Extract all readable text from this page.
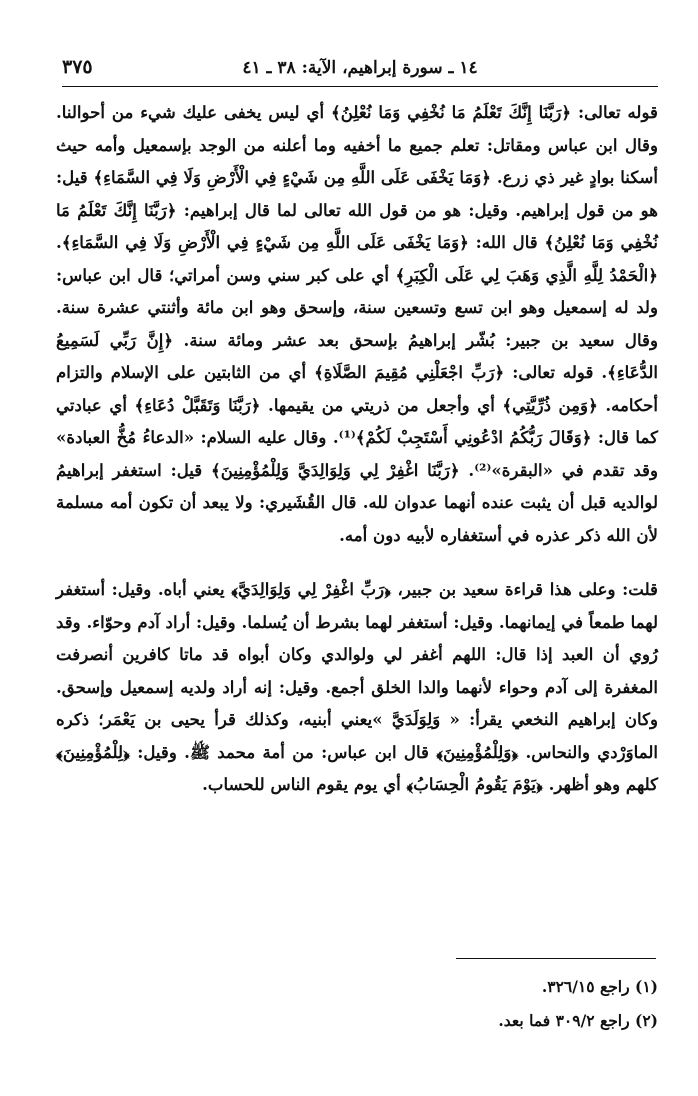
١٤ ـ سورة إبراهيم، الآية: ٣٨ ـ ٤١
٣٧٥

قوله تعالى: ﴿رَبَّنَا إِنَّكَ تَعْلَمُ مَا نُخْفِي وَمَا نُعْلِنُ﴾ أي ليس يخفى عليك شيء من أحوالنا. وقال ابن عباس ومقاتل: تعلم جميع ما أخفيه وما أعلنه من الوجد بإسمعيل وأمه حيث أسكنا بوادٍ غير ذي زرع. ﴿وَمَا يَخْفَى عَلَى اللَّهِ مِن شَيْءٍ فِي الْأَرْضِ وَلَا فِي السَّمَاءِ﴾ قيل: هو من قول إبراهيم. وقيل: هو من قول الله تعالى لما قال إبراهيم: ﴿رَبَّنَا إِنَّكَ تَعْلَمُ مَا نُخْفِي وَمَا نُعْلِنُ﴾ قال الله: ﴿وَمَا يَخْفَى عَلَى اللَّهِ مِن شَيْءٍ فِي الْأَرْضِ وَلَا فِي السَّمَاءِ﴾. ﴿الْحَمْدُ لِلَّهِ الَّذِي وَهَبَ لِي عَلَى الْكِبَرِ﴾ أي على كبر سني وسن أمراتي؛ قال ابن عباس: ولد له إسمعيل وهو ابن تسع وتسعين سنة، وإسحق وهو ابن مائة وأثنتي عشرة سنة. وقال سعيد بن جبير: بُشّر إبراهيمُ بإسحق بعد عشر ومائة سنة. ﴿إِنَّ رَبِّي لَسَمِيعُ الدُّعَاءِ﴾. قوله تعالى: ﴿رَبِّ اجْعَلْنِي مُقِيمَ الصَّلَاةِ﴾ أي من الثابتين على الإسلام والتزام أحكامه. ﴿وَمِن ذُرِّيَّتِي﴾ أي وأجعل من ذريتي من يقيمها. ﴿رَبَّنَا وَتَقَبَّلْ دُعَاءِ﴾ أي عبادتي كما قال: ﴿وَقَالَ رَبُّكُمُ ادْعُونِي أَسْتَجِبْ لَكُمْ﴾⁽¹⁾. وقال عليه السلام: «الدعاءُ مُخُّ العبادة» وقد تقدم في «البقرة»⁽²⁾. ﴿رَبَّنَا اغْفِرْ لِي وَلِوَالِدَيَّ وَلِلْمُؤْمِنِينَ﴾ قيل: استغفر إبراهيمُ لوالديه قبل أن يثبت عنده أنهما عدوان لله. قال القُشَيري: ولا يبعد أن تكون أمه مسلمة لأن الله ذكر عذره في أستغفاره لأبيه دون أمه.

قلت: وعلى هذا قراءة سعيد بن جبير، ﴿رَبِّ اغْفِرْ لِي وَلِوَالِدَيَّ﴾ يعني أباه. وقيل: أستغفر لهما طمعاً في إيمانهما. وقيل: أستغفر لهما بشرط أن يُسلما. وقيل: أراد آدم وحوّاء. وقد رُوي أن العبد إذا قال: اللهم أغفر لي ولوالدي وكان أبواه قد ماتا كافرين أنصرفت المغفرة إلى آدم وحواء لأنهما والدا الخلق أجمع. وقيل: إنه أراد ولديه إسمعيل وإسحق. وكان إبراهيم النخعي يقرأ: « وَلِوَلَدَيَّ »يعني أبنيه، وكذلك قرأ يحيى بن يَعْمَر؛ ذكره الماوَرْدي والنحاس. ﴿وَلِلْمُؤْمِنِينَ﴾ قال ابن عباس: من أمة محمد ﷺ. وقيل: ﴿لِلْمُؤْمِنِينَ﴾ كلهم وهو أظهر. ﴿يَوْمَ يَقُومُ الْحِسَابُ﴾ أي يوم يقوم الناس للحساب.

(١) راجع ٣٢٦/١٥.
(٢) راجع ٣٠٩/٢ فما بعد.
